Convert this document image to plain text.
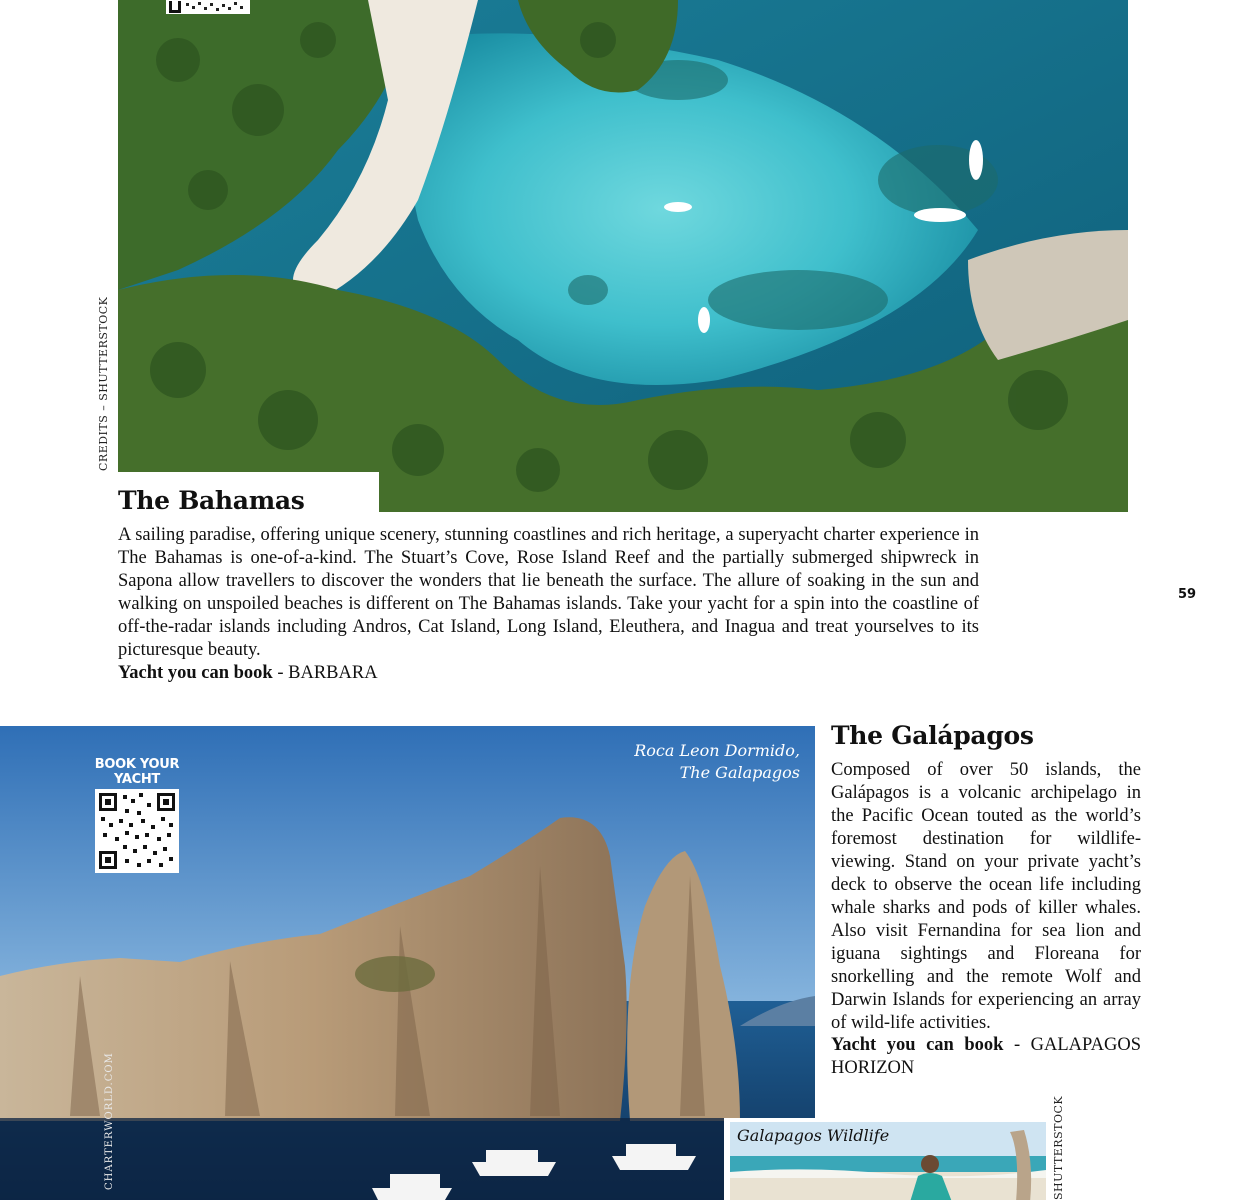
CREDITS – SHUTTERSTOCK
The Bahamas
A sailing paradise, offering unique scenery, stunning coastlines and rich heritage, a superyacht charter experience in The Bahamas is one-of-a-kind. The Stuart’s Cove, Rose Island Reef and the partially submerged shipwreck in Sapona allow travellers to discover the wonders that lie beneath the surface. The allure of soaking in the sun and walking on unspoiled beaches is different on The Bahamas islands. Take your yacht for a spin into the coastline of off-the-radar islands including Andros, Cat Island, Long Island, Eleuthera, and Inagua and treat yourselves to its picturesque beauty.
Yacht you can book - BARBARA
59
Roca Leon Dormido,
The Galapagos
BOOK YOUR YACHT
CHARTERWORLD.COM
The Galápagos
Composed of over 50 islands, the Galápagos is a volcanic archipelago in the Pacific Ocean touted as the world’s foremost destination for wildlife-viewing. Stand on your private yacht’s deck to observe the ocean life including whale sharks and pods of killer whales. Also visit Fernandina for sea lion and iguana sightings and Floreana for snorkelling and the remote Wolf and Darwin Islands for experiencing an array of wild-life activities.
Yacht you can book - GALAPAGOS HORIZON
Galapagos Wildlife	SHUTTERSTOCK
